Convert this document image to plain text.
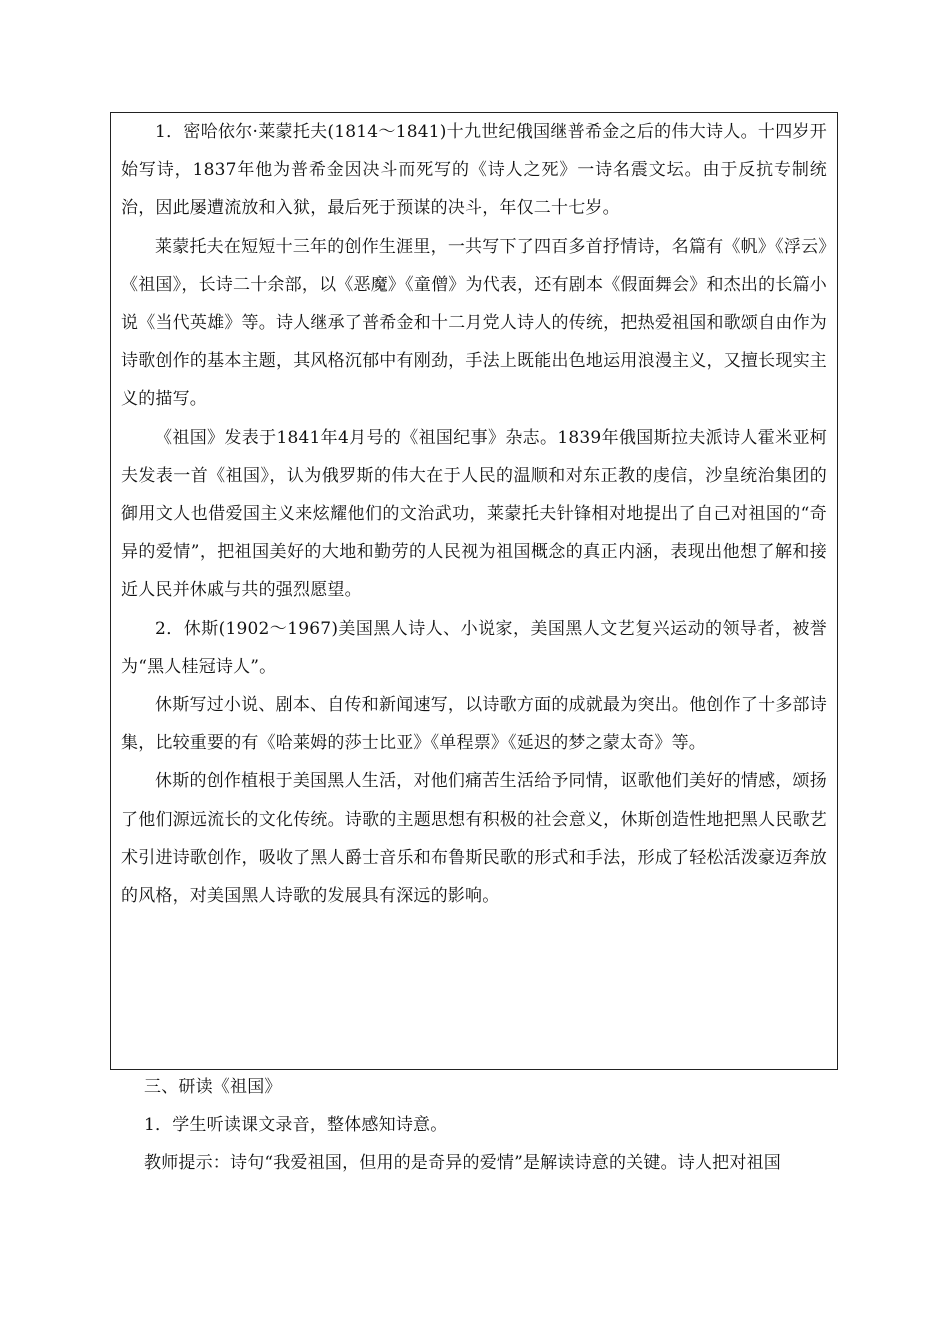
1．密哈依尔·莱蒙托夫(1814～1841)十九世纪俄国继普希金之后的伟大诗人。十四岁开始写诗，1837年他为普希金因决斗而死写的《诗人之死》一诗名震文坛。由于反抗专制统治，因此屡遭流放和入狱，最后死于预谋的决斗，年仅二十七岁。

莱蒙托夫在短短十三年的创作生涯里，一共写下了四百多首抒情诗，名篇有《帆》《浮云》《祖国》，长诗二十余部，以《恶魔》《童僧》为代表，还有剧本《假面舞会》和杰出的长篇小说《当代英雄》等。诗人继承了普希金和十二月党人诗人的传统，把热爱祖国和歌颂自由作为诗歌创作的基本主题，其风格沉郁中有刚劲，手法上既能出色地运用浪漫主义，又擅长现实主义的描写。

《祖国》发表于1841年4月号的《祖国纪事》杂志。1839年俄国斯拉夫派诗人霍米亚柯夫发表一首《祖国》，认为俄罗斯的伟大在于人民的温顺和对东正教的虔信，沙皇统治集团的御用文人也借爱国主义来炫耀他们的文治武功，莱蒙托夫针锋相对地提出了自己对祖国的“奇异的爱情”，把祖国美好的大地和勤劳的人民视为祖国概念的真正内涵，表现出他想了解和接近人民并休戚与共的强烈愿望。

2．休斯(1902～1967)美国黑人诗人、小说家，美国黑人文艺复兴运动的领导者，被誉为“黑人桂冠诗人”。

休斯写过小说、剧本、自传和新闻速写，以诗歌方面的成就最为突出。他创作了十多部诗集，比较重要的有《哈莱姆的莎士比亚》《单程票》《延迟的梦之蒙太奇》等。

休斯的创作植根于美国黑人生活，对他们痛苦生活给予同情，讴歌他们美好的情感，颂扬了他们源远流长的文化传统。诗歌的主题思想有积极的社会意义，休斯创造性地把黑人民歌艺术引进诗歌创作，吸收了黑人爵士音乐和布鲁斯民歌的形式和手法，形成了轻松活泼豪迈奔放的风格，对美国黑人诗歌的发展具有深远的影响。

三、研读《祖国》

1．学生听读课文录音，整体感知诗意。

教师提示：诗句“我爱祖国，但用的是奇异的爱情”是解读诗意的关键。诗人把对祖国
